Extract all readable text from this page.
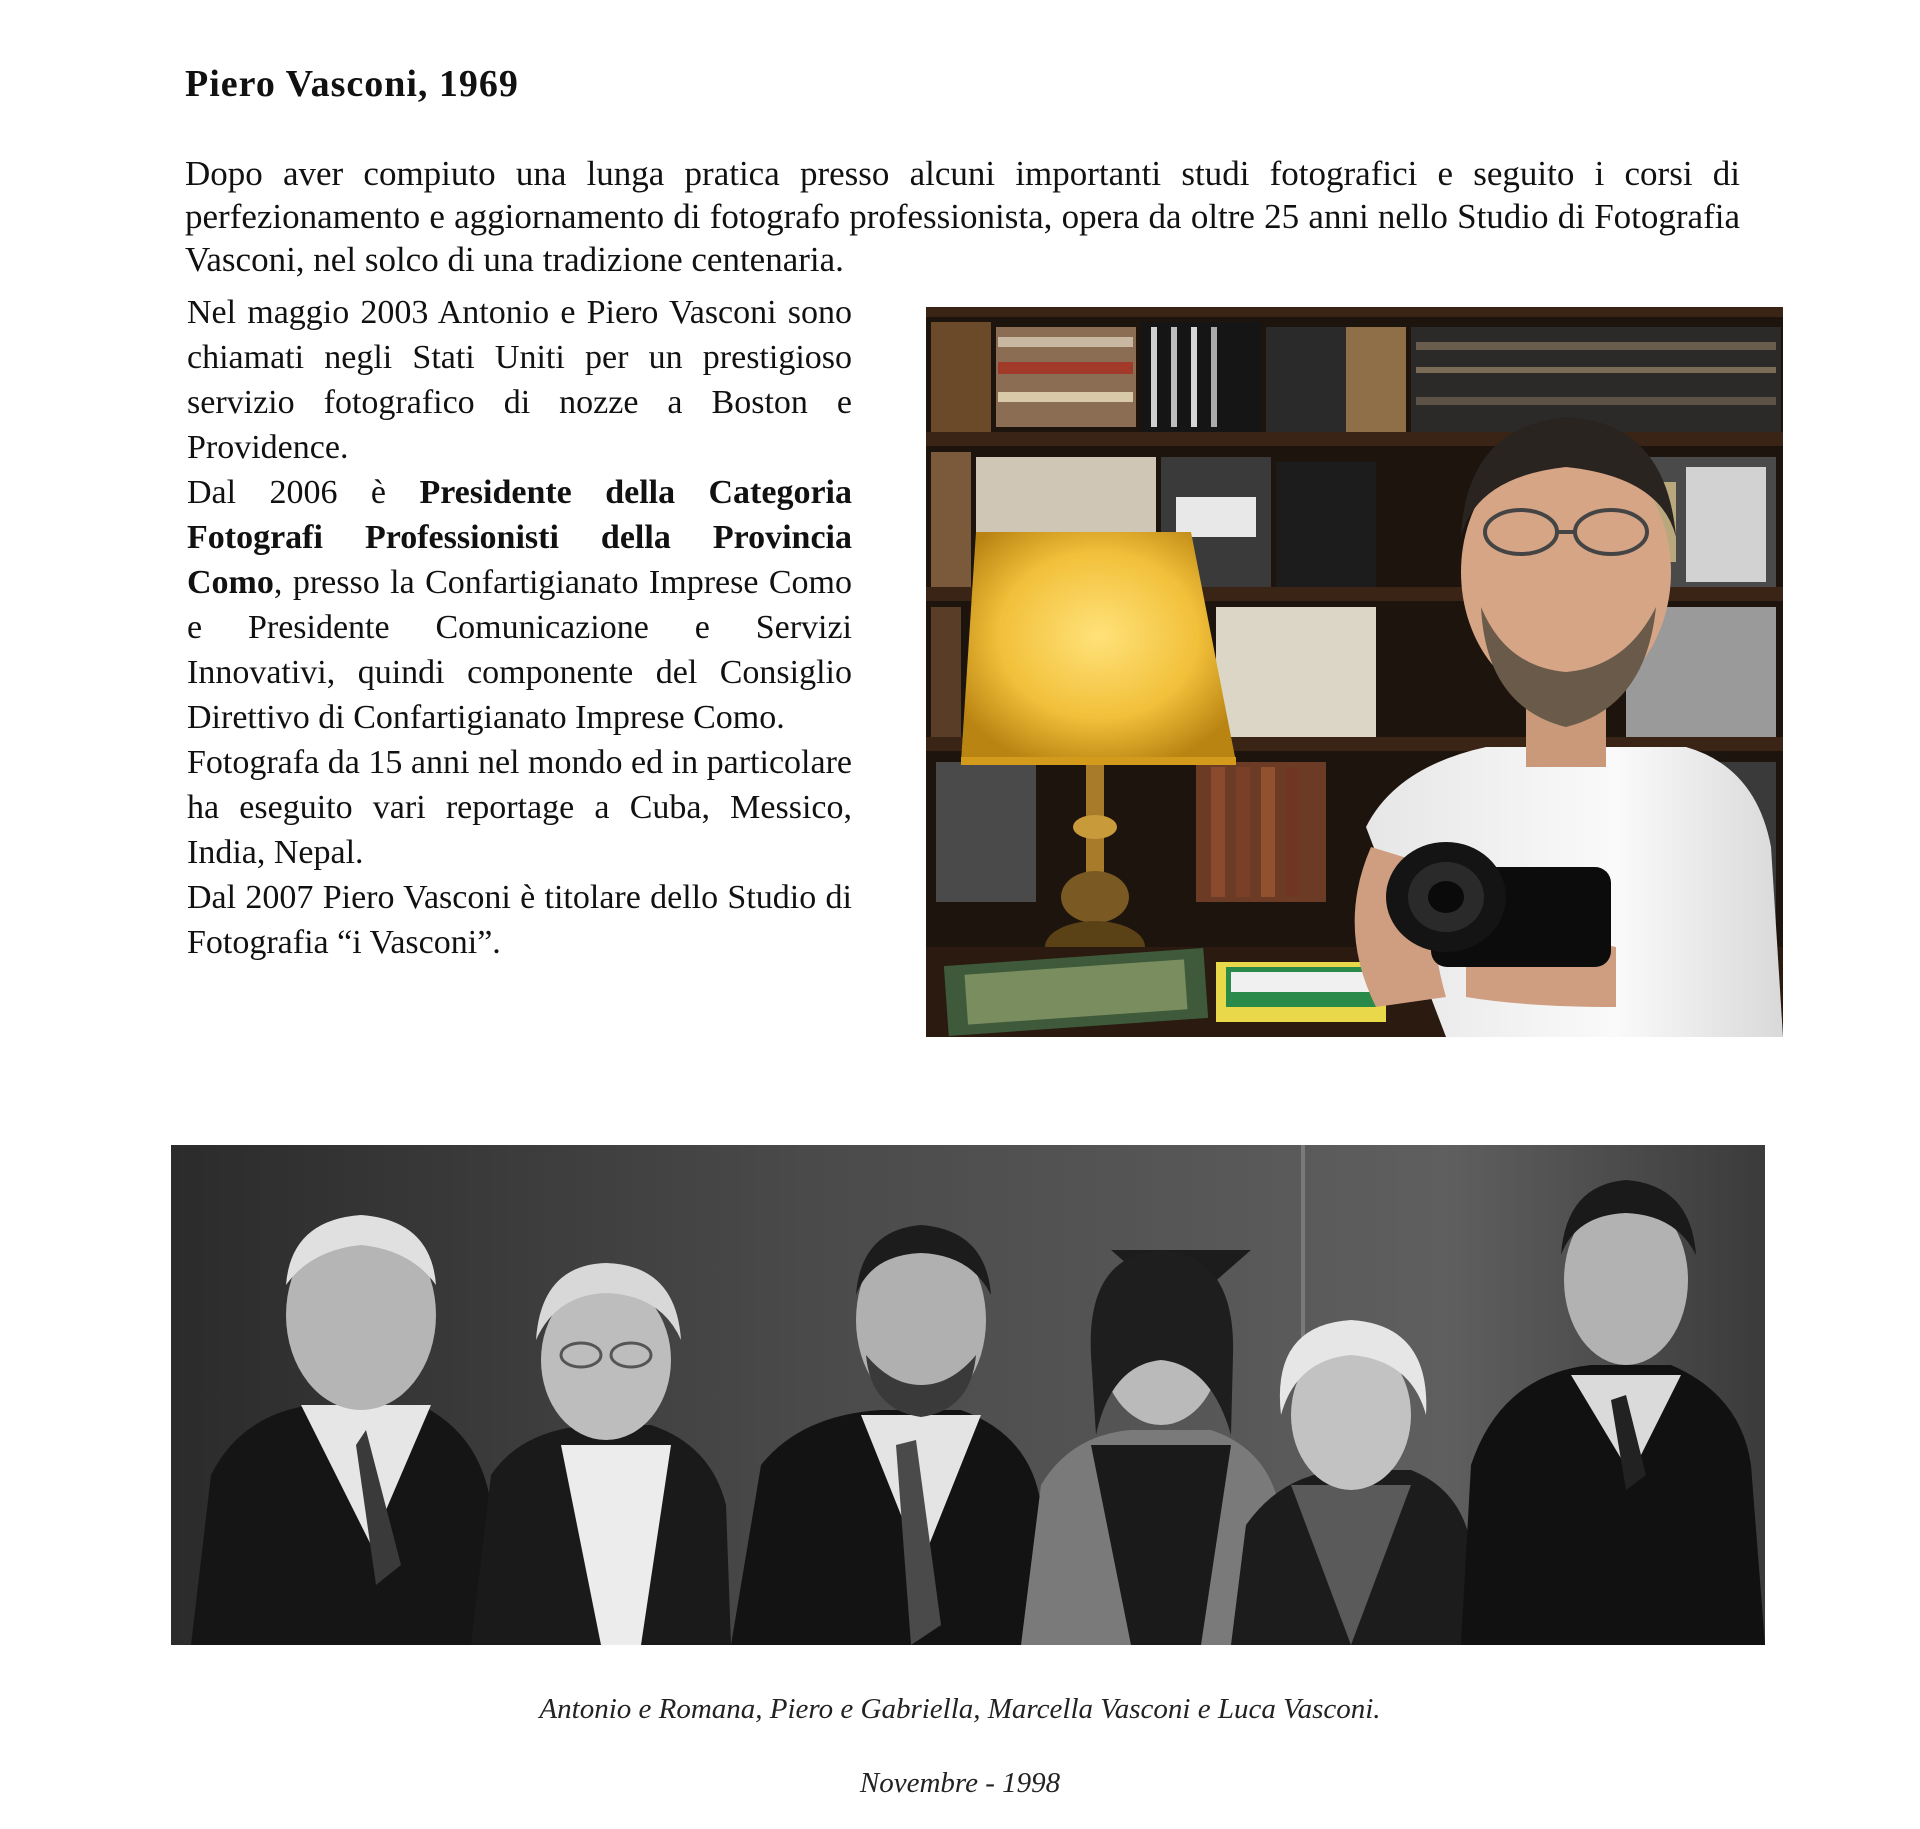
Piero Vasconi, 1969

Dopo aver compiuto una lunga pratica presso alcuni importanti studi fotografici e seguito i corsi di perfezionamento e aggiornamento di fotografo professionista, opera da oltre 25 anni nello Studio di Fotografia Vasconi, nel solco di una tradizione centenaria.

Nel maggio 2003 Antonio e Piero Vasconi sono chiamati negli Stati Uniti per un prestigioso servizio fotografico di nozze a Boston e Providence.

Dal 2006 è Presidente della Categoria Fotografi Professionisti della Provincia Como, presso la Confartigianato Imprese Como e Presidente Comunicazione e Servizi Innovativi, quindi componente del Consiglio Direttivo di Confartigianato Imprese Como.

Fotografa da 15 anni nel mondo ed in particolare ha eseguito vari reportage a Cuba, Messico, India, Nepal.

Dal 2007 Piero Vasconi è titolare dello Studio di Fotografia “i Vasconi”.

Antonio e Romana, Piero e Gabriella, Marcella Vasconi e Luca Vasconi.

Novembre - 1998
